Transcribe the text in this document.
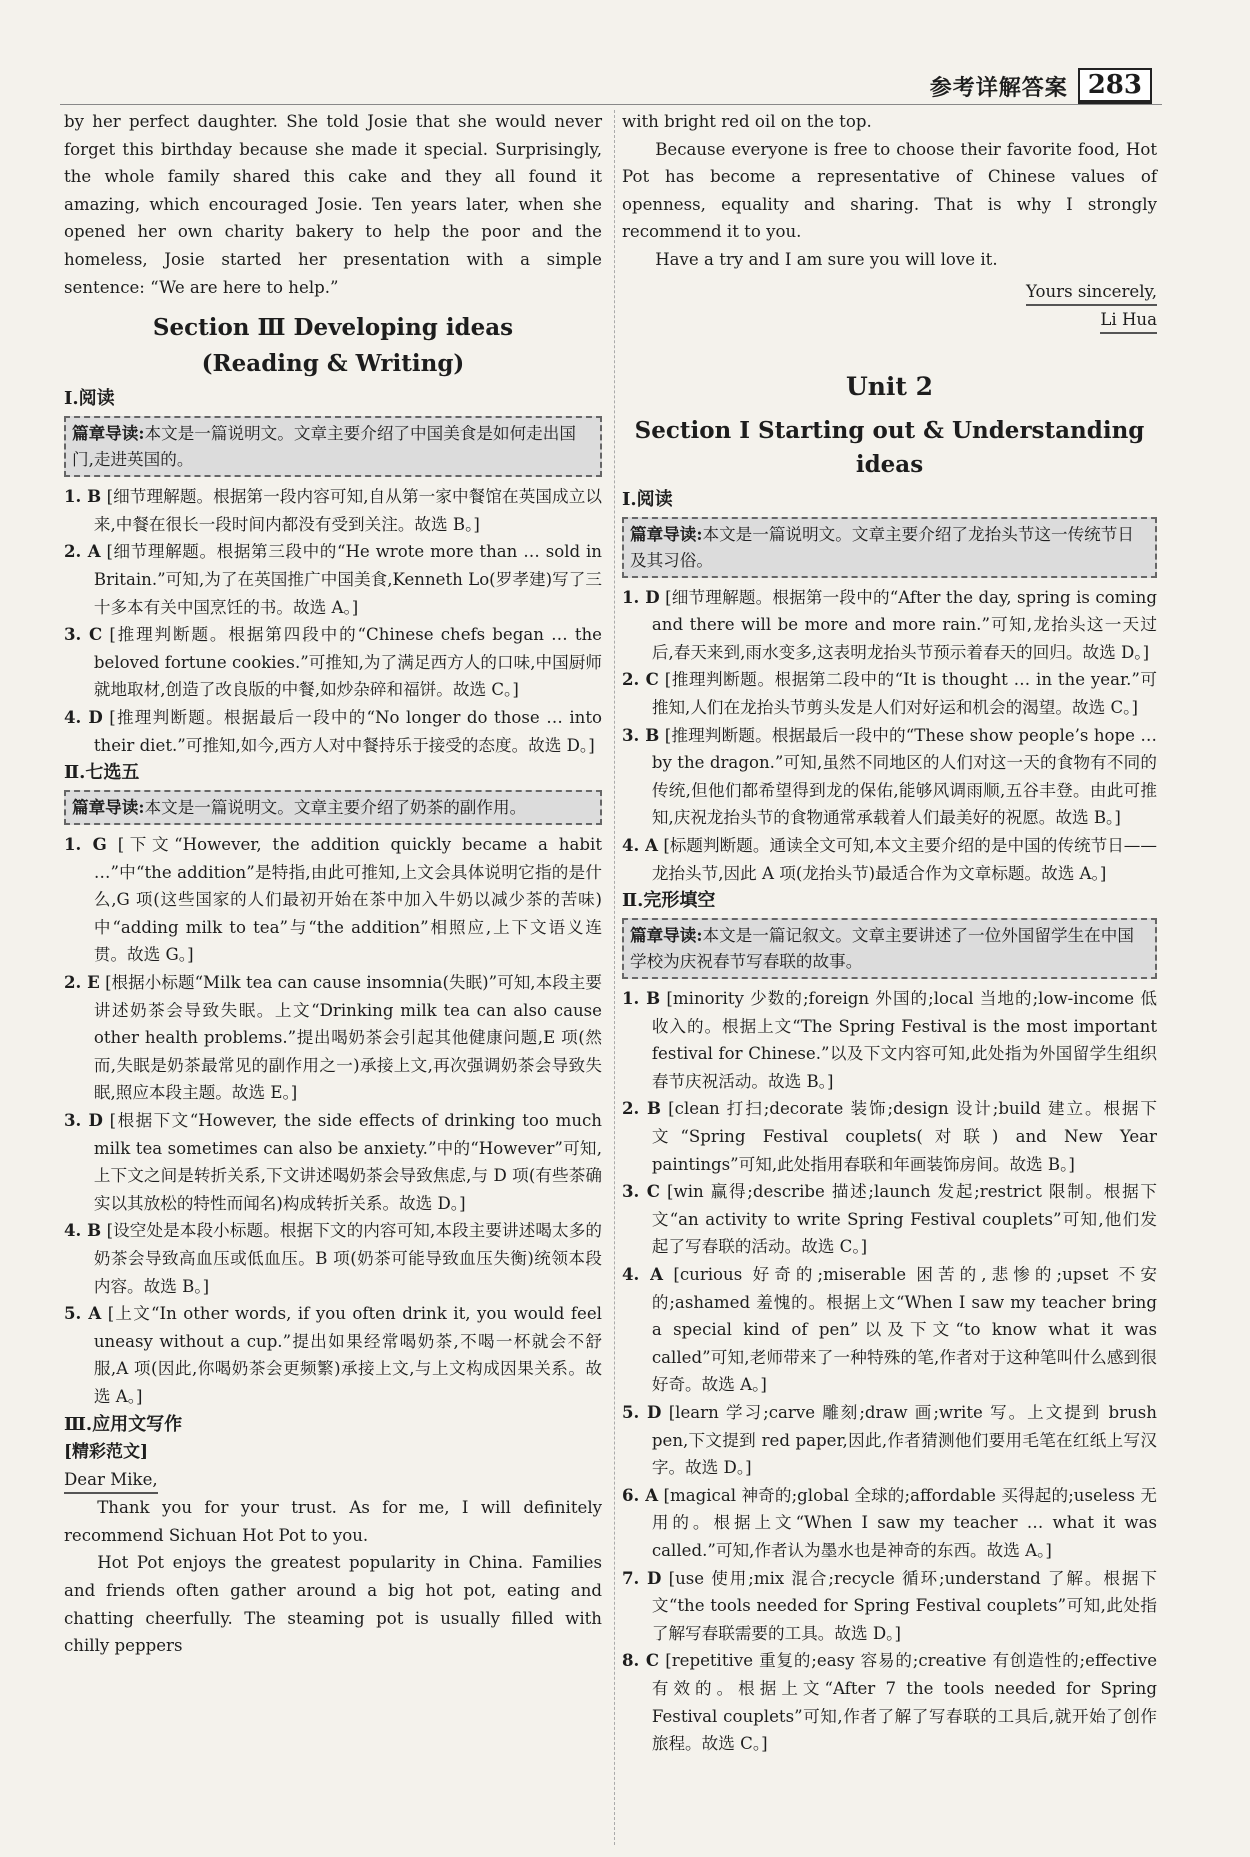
参考详解答案 283

by her perfect daughter. She told Josie that she would never forget this birthday because she made it special. Surprisingly, the whole family shared this cake and they all found it amazing, which encouraged Josie. Ten years later, when she opened her own charity bakery to help the poor and the homeless, Josie started her presentation with a simple sentence: “We are here to help.”

Section Ⅲ Developing ideas
(Reading & Writing)
Ⅰ.阅读
篇章导读:本文是一篇说明文。文章主要介绍了中国美食是如何走出国门,走进英国的。

1. B [细节理解题。根据第一段内容可知,自从第一家中餐馆在英国成立以来,中餐在很长一段时间内都没有受到关注。故选 B。]

2. A [细节理解题。根据第三段中的“He wrote more than … sold in Britain.”可知,为了在英国推广中国美食,Kenneth Lo(罗孝建)写了三十多本有关中国烹饪的书。故选 A。]

3. C [推理判断题。根据第四段中的“Chinese chefs began … the beloved fortune cookies.”可推知,为了满足西方人的口味,中国厨师就地取材,创造了改良版的中餐,如炒杂碎和福饼。故选 C。]

4. D [推理判断题。根据最后一段中的“No longer do those … into their diet.”可推知,如今,西方人对中餐持乐于接受的态度。故选 D。]

Ⅱ.七选五
篇章导读:本文是一篇说明文。文章主要介绍了奶茶的副作用。

1. G [下文“However, the addition quickly became a habit …”中“the addition”是特指,由此可推知,上文会具体说明它指的是什么,G 项(这些国家的人们最初开始在茶中加入牛奶以减少茶的苦味)中“adding milk to tea”与“the addition”相照应,上下文语义连贯。故选 G。]

2. E [根据小标题“Milk tea can cause insomnia(失眠)”可知,本段主要讲述奶茶会导致失眠。上文“Drinking milk tea can also cause other health problems.”提出喝奶茶会引起其他健康问题,E 项(然而,失眠是奶茶最常见的副作用之一)承接上文,再次强调奶茶会导致失眠,照应本段主题。故选 E。]

3. D [根据下文“However, the side effects of drinking too much milk tea sometimes can also be anxiety.”中的“However”可知,上下文之间是转折关系,下文讲述喝奶茶会导致焦虑,与 D 项(有些茶确实以其放松的特性而闻名)构成转折关系。故选 D。]

4. B [设空处是本段小标题。根据下文的内容可知,本段主要讲述喝太多的奶茶会导致高血压或低血压。B 项(奶茶可能导致血压失衡)统领本段内容。故选 B。]

5. A [上文“In other words, if you often drink it, you would feel uneasy without a cup.”提出如果经常喝奶茶,不喝一杯就会不舒服,A 项(因此,你喝奶茶会更频繁)承接上文,与上文构成因果关系。故选 A。]

Ⅲ.应用文写作
[精彩范文]

Dear Mike,

Thank you for your trust. As for me, I will definitely recommend Sichuan Hot Pot to you.

Hot Pot enjoys the greatest popularity in China. Families and friends often gather around a big hot pot, eating and chatting cheerfully. The steaming pot is usually filled with chilly peppers

with bright red oil on the top.

Because everyone is free to choose their favorite food, Hot Pot has become a representative of Chinese values of openness, equality and sharing. That is why I strongly recommend it to you.

Have a try and I am sure you will love it.

Yours sincerely,
Li Hua
Unit 2
Section Ⅰ Starting out & Understanding ideas
Ⅰ.阅读
篇章导读:本文是一篇说明文。文章主要介绍了龙抬头节这一传统节日及其习俗。

1. D [细节理解题。根据第一段中的“After the day, spring is coming and there will be more and more rain.”可知,龙抬头这一天过后,春天来到,雨水变多,这表明龙抬头节预示着春天的回归。故选 D。]

2. C [推理判断题。根据第二段中的“It is thought … in the year.”可推知,人们在龙抬头节剪头发是人们对好运和机会的渴望。故选 C。]

3. B [推理判断题。根据最后一段中的“These show people’s hope … by the dragon.”可知,虽然不同地区的人们对这一天的食物有不同的传统,但他们都希望得到龙的保佑,能够风调雨顺,五谷丰登。由此可推知,庆祝龙抬头节的食物通常承载着人们最美好的祝愿。故选 B。]

4. A [标题判断题。通读全文可知,本文主要介绍的是中国的传统节日——龙抬头节,因此 A 项(龙抬头节)最适合作为文章标题。故选 A。]

Ⅱ.完形填空
篇章导读:本文是一篇记叙文。文章主要讲述了一位外国留学生在中国学校为庆祝春节写春联的故事。

1. B [minority 少数的;foreign 外国的;local 当地的;low-income 低收入的。根据上文“The Spring Festival is the most important festival for Chinese.”以及下文内容可知,此处指为外国留学生组织春节庆祝活动。故选 B。]

2. B [clean 打扫;decorate 装饰;design 设计;build 建立。根据下文“Spring Festival couplets(对联) and New Year paintings”可知,此处指用春联和年画装饰房间。故选 B。]

3. C [win 赢得;describe 描述;launch 发起;restrict 限制。根据下文“an activity to write Spring Festival couplets”可知,他们发起了写春联的活动。故选 C。]

4. A [curious 好奇的;miserable 困苦的,悲惨的;upset 不安的;ashamed 羞愧的。根据上文“When I saw my teacher bring a special kind of pen”以及下文“to know what it was called”可知,老师带来了一种特殊的笔,作者对于这种笔叫什么感到很好奇。故选 A。]

5. D [learn 学习;carve 雕刻;draw 画;write 写。上文提到 brush pen,下文提到 red paper,因此,作者猜测他们要用毛笔在红纸上写汉字。故选 D。]

6. A [magical 神奇的;global 全球的;affordable 买得起的;useless 无用的。根据上文“When I saw my teacher … what it was called.”可知,作者认为墨水也是神奇的东西。故选 A。]

7. D [use 使用;mix 混合;recycle 循环;understand 了解。根据下文“the tools needed for Spring Festival couplets”可知,此处指了解写春联需要的工具。故选 D。]

8. C [repetitive 重复的;easy 容易的;creative 有创造性的;effective 有效的。根据上文“After 7 the tools needed for Spring Festival couplets”可知,作者了解了写春联的工具后,就开始了创作旅程。故选 C。]
